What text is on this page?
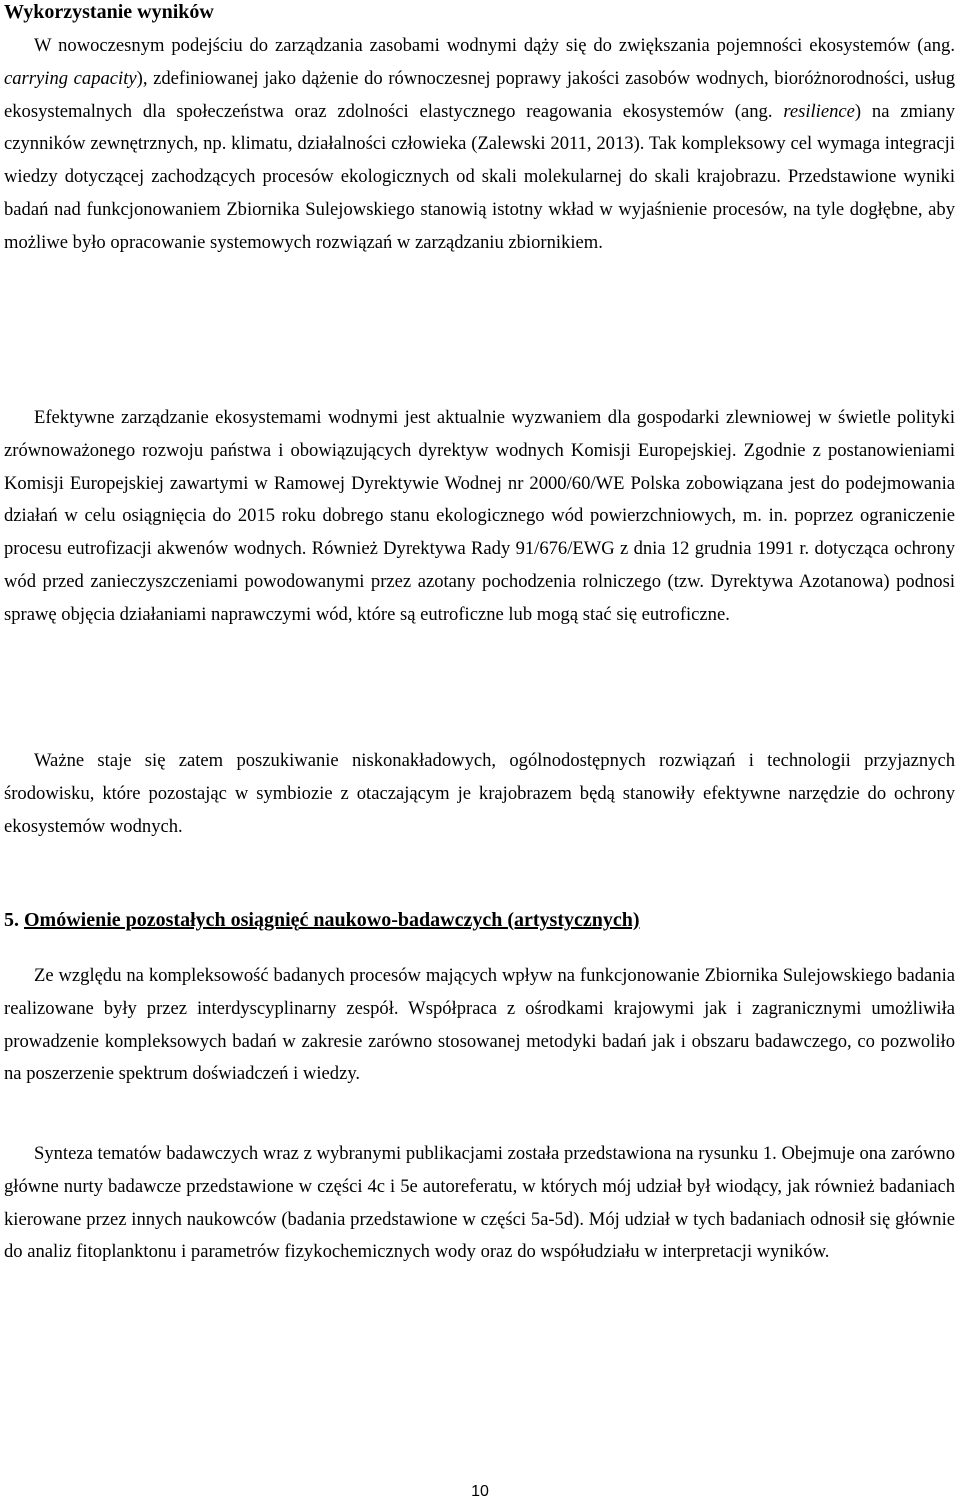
Wykorzystanie wyników

W nowoczesnym podejściu do zarządzania zasobami wodnymi dąży się do zwiększania pojemności ekosystemów (ang. carrying capacity), zdefiniowanej jako dążenie do równoczesnej poprawy jakości zasobów wodnych, bioróżnorodności, usług ekosystemalnych dla społeczeństwa oraz zdolności elastycznego reagowania ekosystemów (ang. resilience) na zmiany czynników zewnętrznych, np. klimatu, działalności człowieka (Zalewski 2011, 2013). Tak kompleksowy cel wymaga integracji wiedzy dotyczącej zachodzących procesów ekologicznych od skali molekularnej do skali krajobrazu. Przedstawione wyniki badań nad funkcjonowaniem Zbiornika Sulejowskiego stanowią istotny wkład w wyjaśnienie procesów, na tyle dogłębne, aby możliwe było opracowanie systemowych rozwiązań w zarządzaniu zbiornikiem.

Efektywne zarządzanie ekosystemami wodnymi jest aktualnie wyzwaniem dla gospodarki zlewniowej w świetle polityki zrównoważonego rozwoju państwa i obowiązujących dyrektyw wodnych Komisji Europejskiej. Zgodnie z postanowieniami Komisji Europejskiej zawartymi w Ramowej Dyrektywie Wodnej nr 2000/60/WE Polska zobowiązana jest do podejmowania działań w celu osiągnięcia do 2015 roku dobrego stanu ekologicznego wód powierzchniowych, m. in. poprzez ograniczenie procesu eutrofizacji akwenów wodnych. Również Dyrektywa Rady 91/676/EWG z dnia 12 grudnia 1991 r. dotycząca ochrony wód przed zanieczyszczeniami powodowanymi przez azotany pochodzenia rolniczego (tzw. Dyrektywa Azotanowa) podnosi sprawę objęcia działaniami naprawczymi wód, które są eutroficzne lub mogą stać się eutroficzne.

Ważne staje się zatem poszukiwanie niskonakładowych, ogólnodostępnych rozwiązań i technologii przyjaznych środowisku, które pozostając w symbiozie z otaczającym je krajobrazem będą stanowiły efektywne narzędzie do ochrony ekosystemów wodnych.

5. Omówienie pozostałych osiągnięć naukowo-badawczych (artystycznych)

Ze względu na kompleksowość badanych procesów mających wpływ na funkcjonowanie Zbiornika Sulejowskiego badania realizowane były przez interdyscyplinarny zespół. Współpraca z ośrodkami krajowymi jak i zagranicznymi umożliwiła prowadzenie kompleksowych badań w zakresie zarówno stosowanej metodyki badań jak i obszaru badawczego, co pozwoliło na poszerzenie spektrum doświadczeń i wiedzy.

Synteza tematów badawczych wraz z wybranymi publikacjami została przedstawiona na rysunku 1. Obejmuje ona zarówno główne nurty badawcze przedstawione w części 4c i 5e autoreferatu, w których mój udział był wiodący, jak również badaniach kierowane przez innych naukowców (badania przedstawione w części 5a-5d). Mój udział w tych badaniach odnosił się głównie do analiz fitoplanktonu i parametrów fizykochemicznych wody oraz do współudziału w interpretacji wyników.

10
